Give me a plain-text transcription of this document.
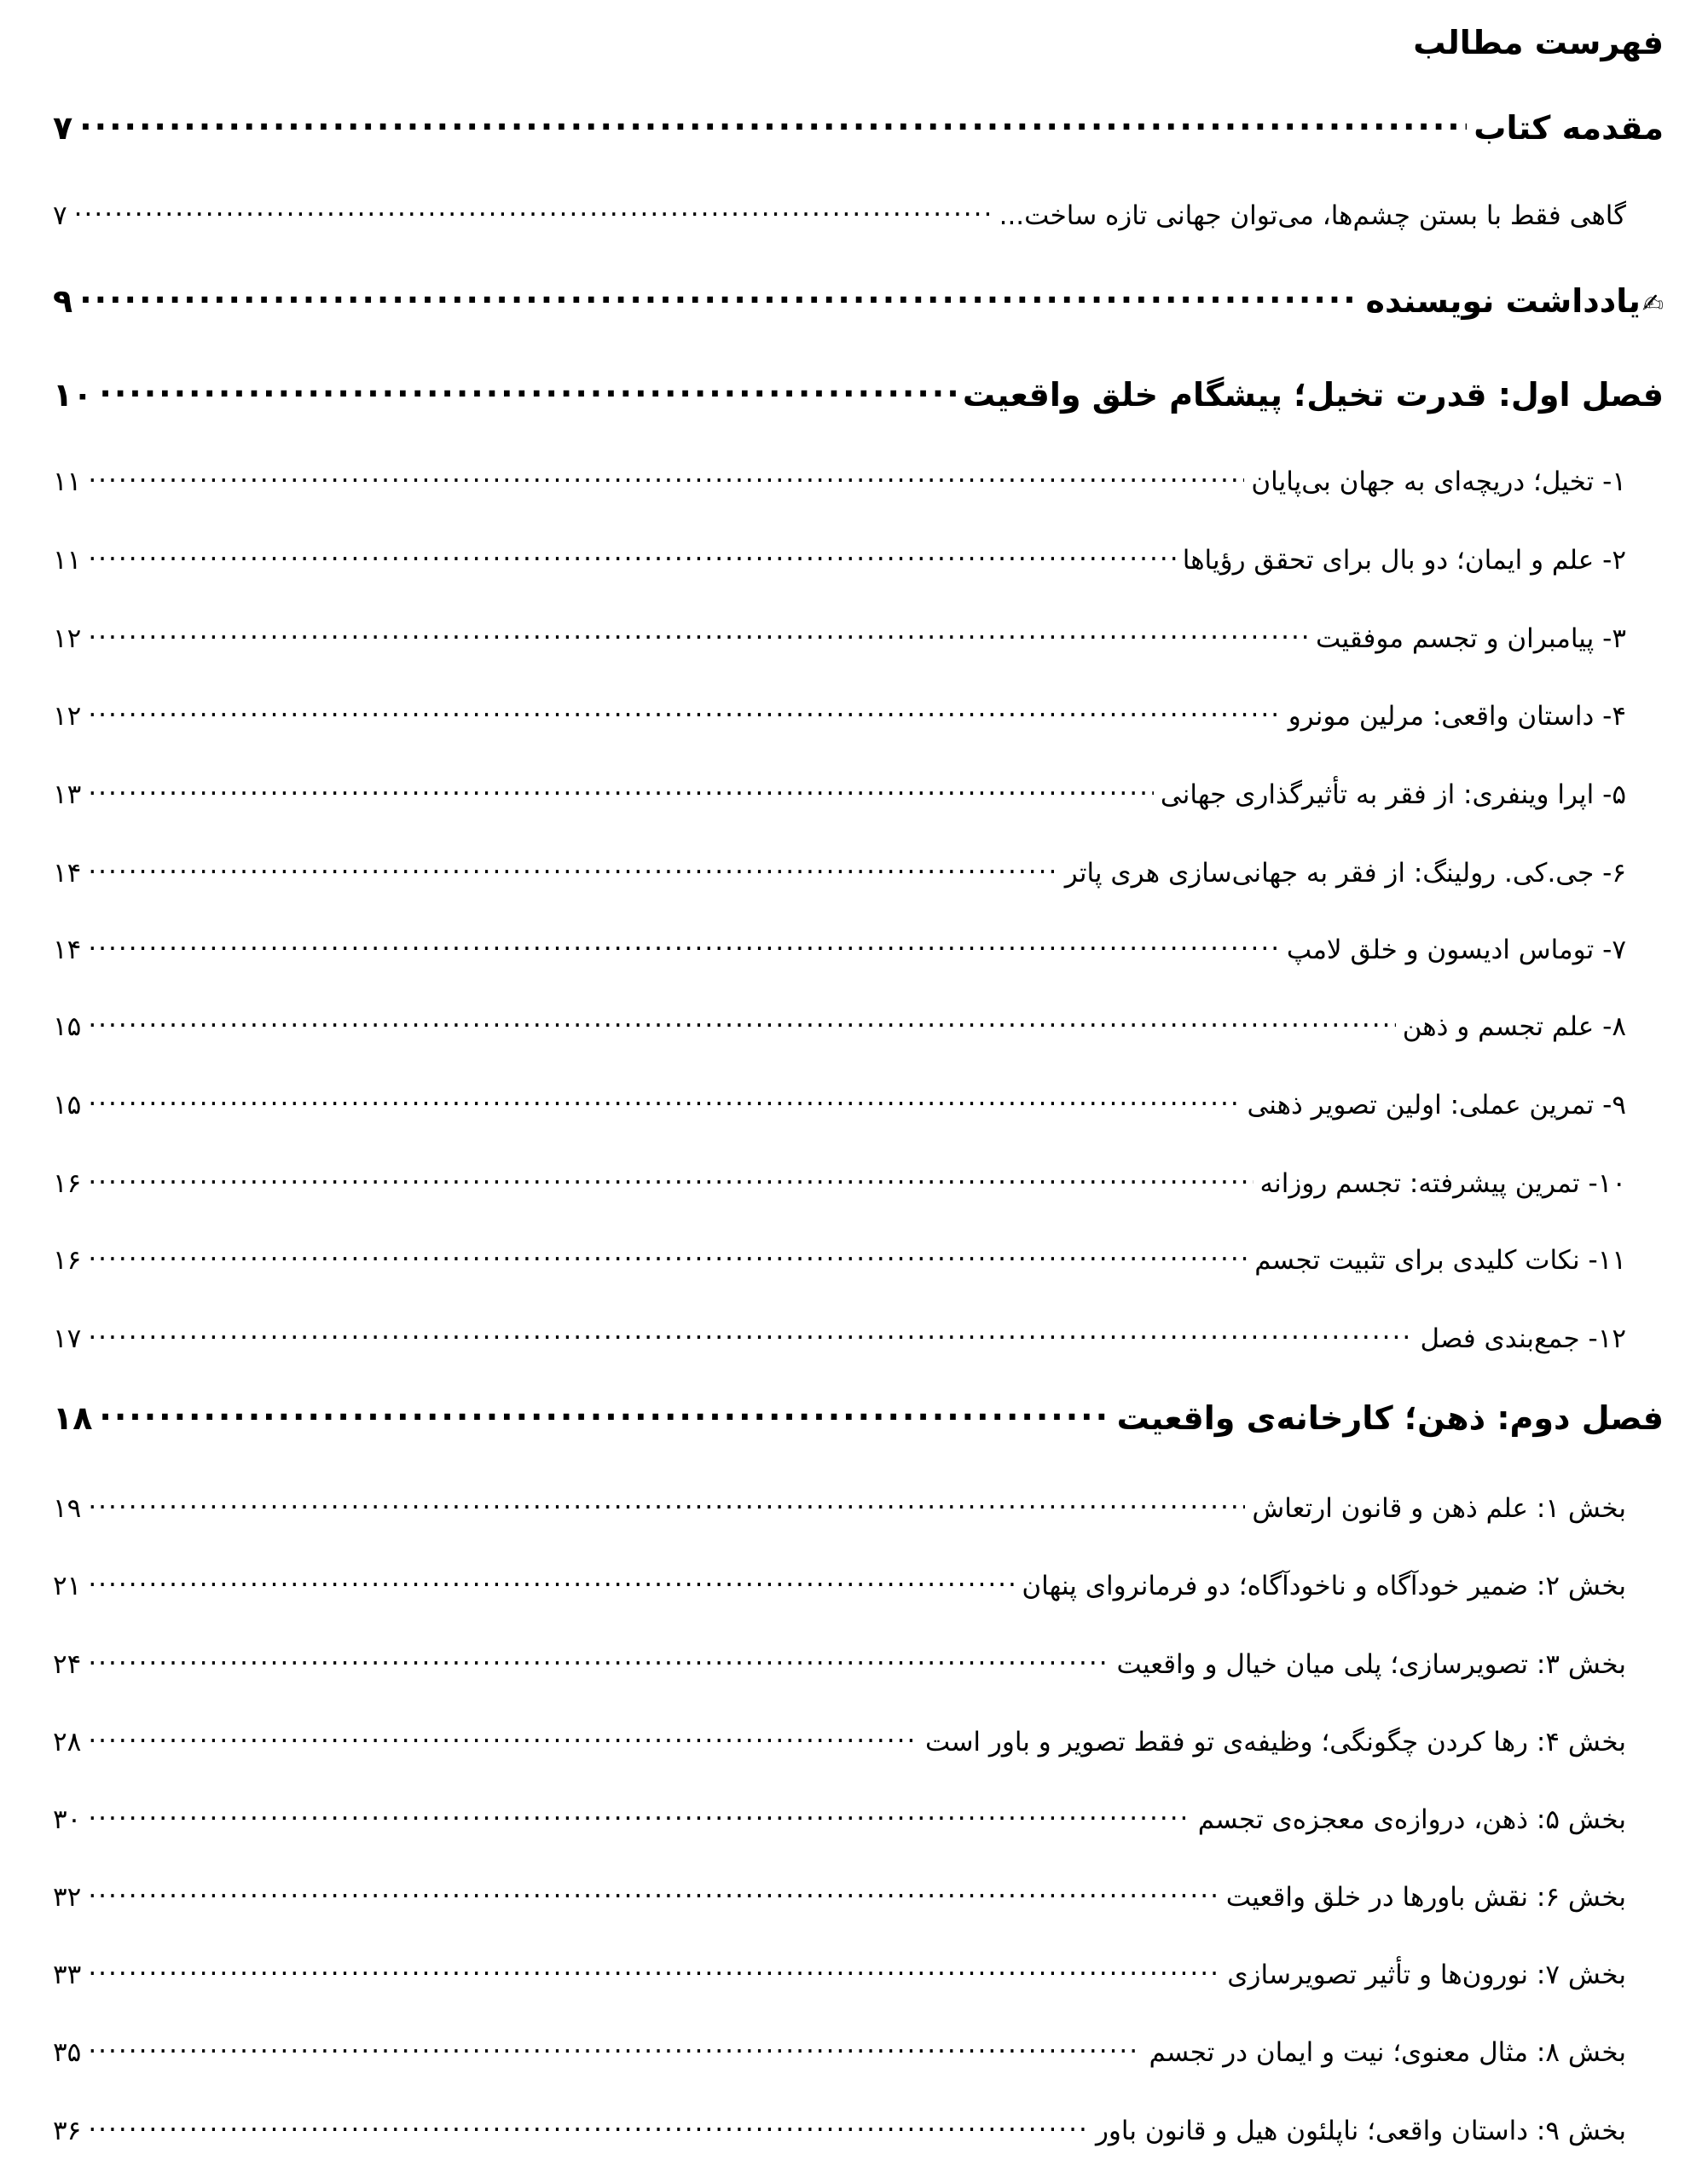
فهرست مطالب
مقدمه کتاب
.....
۷
گاهی فقط با بستن چشم‌ها، می‌توان جهانی تازه ساخت...
.....
۷
✍
یادداشت نویسنده
.....
۹
فصل اول: قدرت تخیل؛ پیشگام خلق واقعیت
.....
۱۰
۱- تخیل؛ دریچه‌ای به جهان بی‌پایان
.....
۱۱
۲- علم و ایمان؛ دو بال برای تحقق رؤیاها
.....
۱۱
۳- پیامبران و تجسم موفقیت
.....
۱۲
۴- داستان واقعی: مرلین مونرو
.....
۱۲
۵- اپرا وینفری: از فقر به تأثیرگذاری جهانی
.....
۱۳
۶- جی.کی. رولینگ: از فقر به جهانی‌سازی هری پاتر
.....
۱۴
۷- توماس ادیسون و خلق لامپ
.....
۱۴
۸- علم تجسم و ذهن
.....
۱۵
۹- تمرین عملی: اولین تصویر ذهنی
.....
۱۵
۱۰- تمرین پیشرفته: تجسم روزانه
.....
۱۶
۱۱- نکات کلیدی برای تثبیت تجسم
.....
۱۶
۱۲- جمع‌بندی فصل
.....
۱۷
فصل دوم: ذهن؛ کارخانه‌ی واقعیت
.....
۱۸
بخش ۱: علم ذهن و قانون ارتعاش
.....
۱۹
بخش ۲: ضمیر خودآگاه و ناخودآگاه؛ دو فرمانروای پنهان
.....
۲۱
بخش ۳: تصویرسازی؛ پلی میان خیال و واقعیت
.....
۲۴
بخش ۴: رها کردن چگونگی؛ وظیفه‌ی تو فقط تصویر و باور است
.....
۲۸
بخش ۵: ذهن، دروازه‌ی معجزه‌ی تجسم
.....
۳۰
بخش ۶: نقش باورها در خلق واقعیت
.....
۳۲
بخش ۷: نورون‌ها و تأثیر تصویرسازی
.....
۳۳
بخش ۸: مثال معنوی؛ نیت و ایمان در تجسم
.....
۳۵
بخش ۹: داستان واقعی؛ ناپلئون هیل و قانون باور
.....
۳۶
